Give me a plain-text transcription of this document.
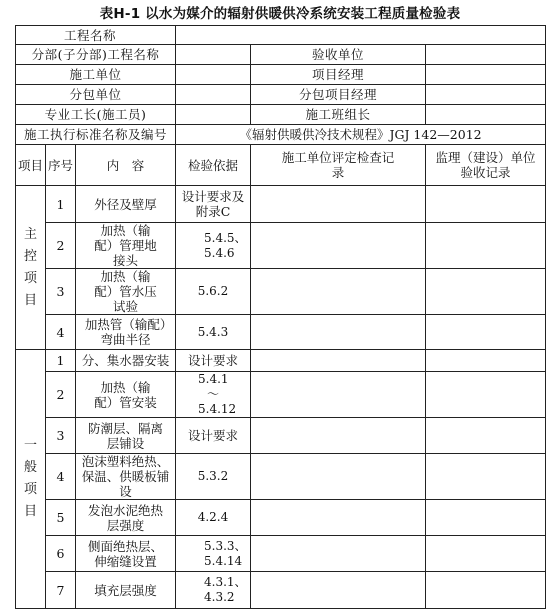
表H-1 以水为媒介的辐射供暖供冷系统安装工程质量检验表
工程名称					
分部(子分部)工程名称				验收单位	
施工单位				项目经理	
分包单位				分包项目经理	
专业工长(施工员)				施工班组长	
施工执行标准名称及编号			《辐射供暖供冷技术规程》JGJ 142—2012		
项目	序号	内　容	检验依据	施工单位评定检查记录	监理（建设）单位验收记录
主控项目	1	外径及壁厚	设计要求及附录C		
	2	加热（输配）管理地接头	5.4.5、5.4.6		
	3	加热（输配）管水压试验	5.6.2		
	4	加热管（输配）弯曲半径	5.4.3		
一般项目	1	分、集水器安装	设计要求		
	2	加热（输配）管安装	5.4.1～5.4.12		
	3	防潮层、隔离层铺设	设计要求		
	4	泡沫塑料绝热、保温、供暖板铺设	5.3.2		
	5	发泡水泥绝热层强度	4.2.4		
	6	侧面绝热层、伸缩缝设置	5.3.3、5.4.14		
	7	填充层强度	4.3.1、4.3.2		
